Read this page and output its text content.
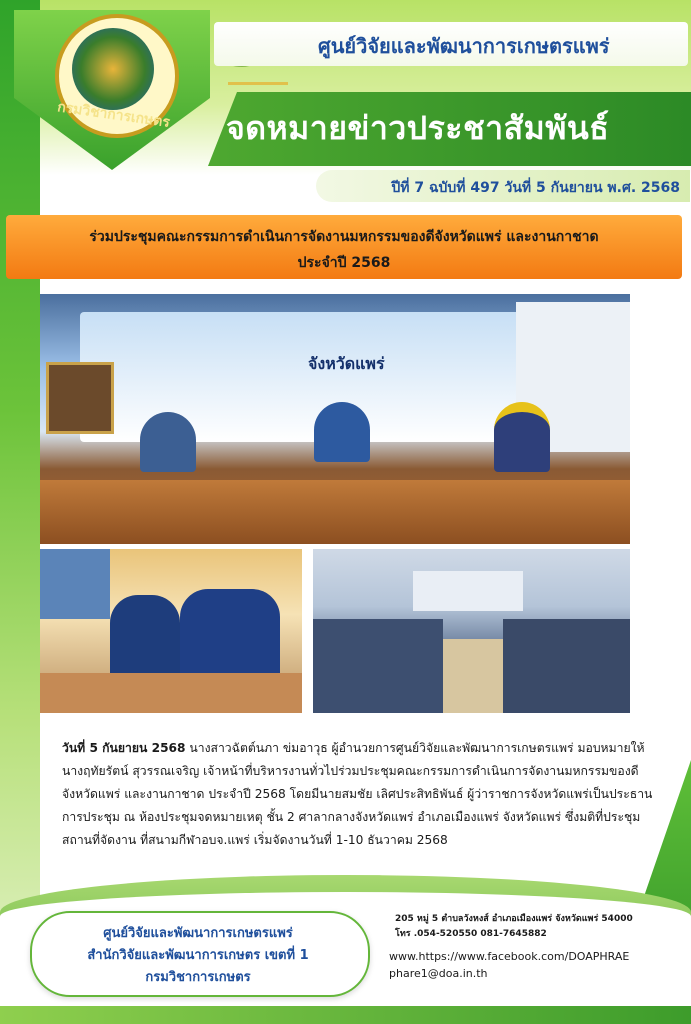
กรมวิชาการเกษตร
ศูนย์วิจัยและพัฒนาการเกษตรแพร่
จดหมายข่าวประชาสัมพันธ์
ปีที่ 7 ฉบับที่ 497 วันที่ 5 กันยายน พ.ศ. 2568
ร่วมประชุมคณะกรรมการดำเนินการจัดงานมหกรรมของดีจังหวัดแพร่ และงานกาชาด
ประจำปี 2568
จังหวัดแพร่
วันที่ 5 กันยายน 2568 นางสาวฉัตต์นภา ข่มอาวุธ ผู้อำนวยการศูนย์วิจัยและพัฒนาการเกษตรแพร่ มอบหมายให้ นางฤทัยรัตน์ สุวรรณเจริญ เจ้าหน้าที่บริหารงานทั่วไปร่วมประชุมคณะกรรมการดำเนินการจัดงานมหกรรมของดีจังหวัดแพร่ และงานกาชาด ประจำปี 2568 โดยมีนายสมชัย เลิศประสิทธิพันธ์ ผู้ว่าราชการจังหวัดแพร่เป็นประธานการประชุม ณ ห้องประชุมจดหมายเหตุ ชั้น 2 ศาลากลางจังหวัดแพร่ อำเภอเมืองแพร่ จังหวัดแพร่ ซึ่งมติที่ประชุม สถานที่จัดงาน ที่สนามกีฬาอบจ.แพร่ เริ่มจัดงานวันที่ 1-10 ธันวาคม 2568
ศูนย์วิจัยและพัฒนาการเกษตรแพร่
สำนักวิจัยและพัฒนาการเกษตร เขตที่ 1
กรมวิชาการเกษตร
205 หมู่ 5 ตำบลวังหงส์ อำเภอเมืองแพร่ จังหวัดแพร่ 54000
โทร .054-520550 081-7645882
www.https://www.facebook.com/DOAPHRAE
phare1@doa.in.th
